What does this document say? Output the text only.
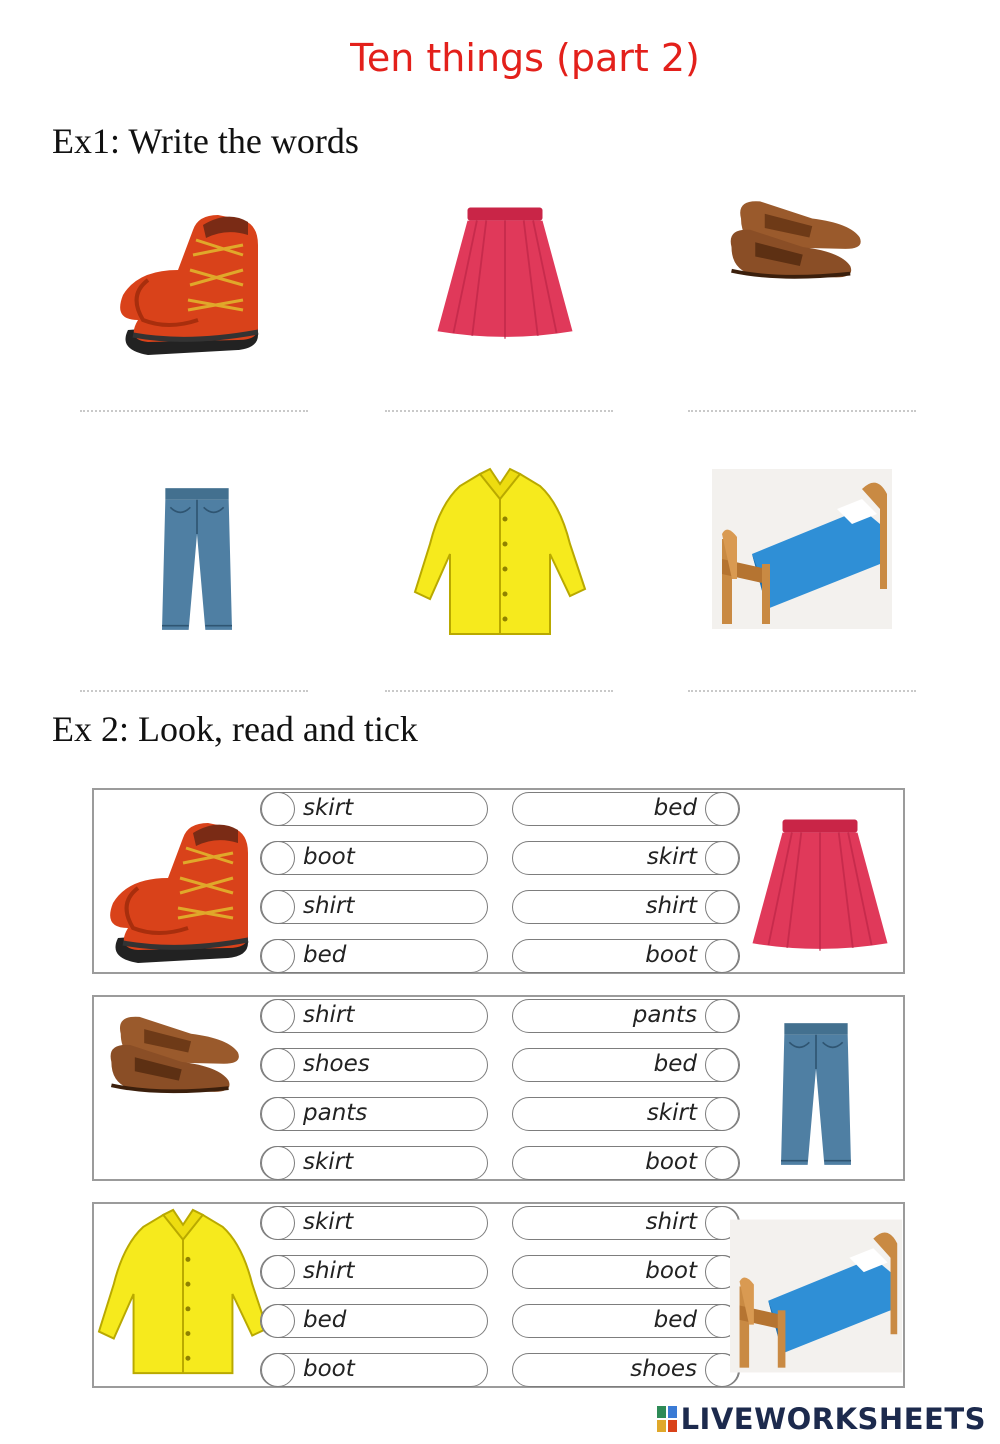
Ten things (part 2)
Ex1: Write the words
Ex 2: Look, read and tick
skirt
boot
shirt
bed
bed
skirt
shirt
boot
shirt
shoes
pants
skirt
pants
bed
skirt
boot
skirt
shirt
bed
boot
shirt
boot
bed
shoes
LIVEWORKSHEETS
